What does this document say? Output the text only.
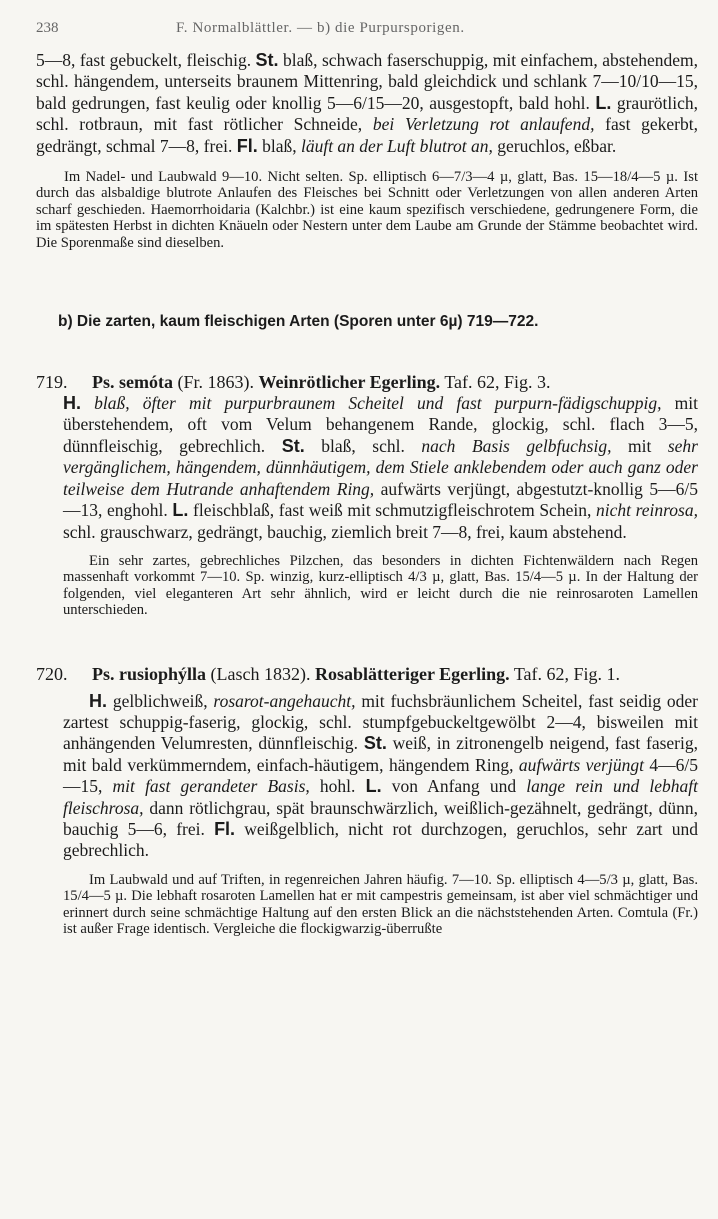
238	F. Normalblättler. — b) die Purpursporigen.

5—8, fast gebuckelt, fleischig. St. blaß, schwach faserschuppig, mit einfachem, abstehendem, schl. hängendem, unterseits braunem Mittenring, bald gleichdick und schlank 7—10/10—15, bald gedrungen, fast keulig oder knollig 5—6/15—20, ausgestopft, bald hohl. L. graurötlich, schl. rotbraun, mit fast rötlicher Schneide, bei Verletzung rot anlaufend, fast gekerbt, gedrängt, schmal 7—8, frei. Fl. blaß, läuft an der Luft blutrot an, geruchlos, eßbar.

Im Nadel- und Laubwald 9—10. Nicht selten. Sp. elliptisch 6—7/3—4 µ, glatt, Bas. 15—18/4—5 µ. Ist durch das alsbaldige blutrote Anlaufen des Fleisches bei Schnitt oder Verletzungen von allen anderen Arten scharf geschieden. Haemorrhoidaria (Kalchbr.) ist eine kaum spezifisch verschiedene, gedrungenere Form, die im spätesten Herbst in dichten Knäueln oder Nestern unter dem Laube am Grunde der Stämme beobachtet wird. Die Sporenmaße sind dieselben.

b) Die zarten, kaum fleischigen Arten (Sporen unter 6µ) 719—722.

719. Ps. semóta (Fr. 1863). Weinrötlicher Egerling. Taf. 62, Fig. 3.

H. blaß, öfter mit purpurbraunem Scheitel und fast purpurn-fädigschuppig, mit überstehendem, oft vom Velum behangenem Rande, glockig, schl. flach 3—5, dünnfleischig, gebrechlich. St. blaß, schl. nach Basis gelbfuchsig, mit sehr vergänglichem, hängendem, dünnhäutigem, dem Stiele anklebendem oder auch ganz oder teilweise dem Hutrande anhaftendem Ring, aufwärts verjüngt, abgestutzt-knollig 5—6/5—13, enghohl. L. fleischblaß, fast weiß mit schmutzigfleischrotem Schein, nicht reinrosa, schl. grauschwarz, gedrängt, bauchig, ziemlich breit 7—8, frei, kaum abstehend.

Ein sehr zartes, gebrechliches Pilzchen, das besonders in dichten Fichtenwäldern nach Regen massenhaft vorkommt 7—10. Sp. winzig, kurz-elliptisch 4/3 µ, glatt, Bas. 15/4—5 µ. In der Haltung der folgenden, viel eleganteren Art sehr ähnlich, wird er leicht durch die nie reinrosaroten Lamellen unterschieden.

720. Ps. rusiophýlla (Lasch 1832). Rosablätteriger Egerling. Taf. 62, Fig. 1.

H. gelblichweiß, rosarot-angehaucht, mit fuchsbräunlichem Scheitel, fast seidig oder zartest schuppig-faserig, glockig, schl. stumpfgebuckeltgewölbt 2—4, bisweilen mit anhängenden Velumresten, dünnfleischig. St. weiß, in zitronengelb neigend, fast faserig, mit bald verkümmerndem, einfach-häutigem, hängendem Ring, aufwärts verjüngt 4—6/5—15, mit fast gerandeter Basis, hohl. L. von Anfang und lange rein und lebhaft fleischrosa, dann rötlichgrau, spät braunschwärzlich, weißlich-gezähnelt, gedrängt, dünn, bauchig 5—6, frei. Fl. weißgelblich, nicht rot durchzogen, geruchlos, sehr zart und gebrechlich.

Im Laubwald und auf Triften, in regenreichen Jahren häufig. 7—10. Sp. elliptisch 4—5/3 µ, glatt, Bas. 15/4—5 µ. Die lebhaft rosaroten Lamellen hat er mit campestris gemeinsam, ist aber viel schmächtiger und erinnert durch seine schmächtige Haltung auf den ersten Blick an die nächststehenden Arten. Comtula (Fr.) ist außer Frage identisch. Vergleiche die flockigwarzig-überrußte
